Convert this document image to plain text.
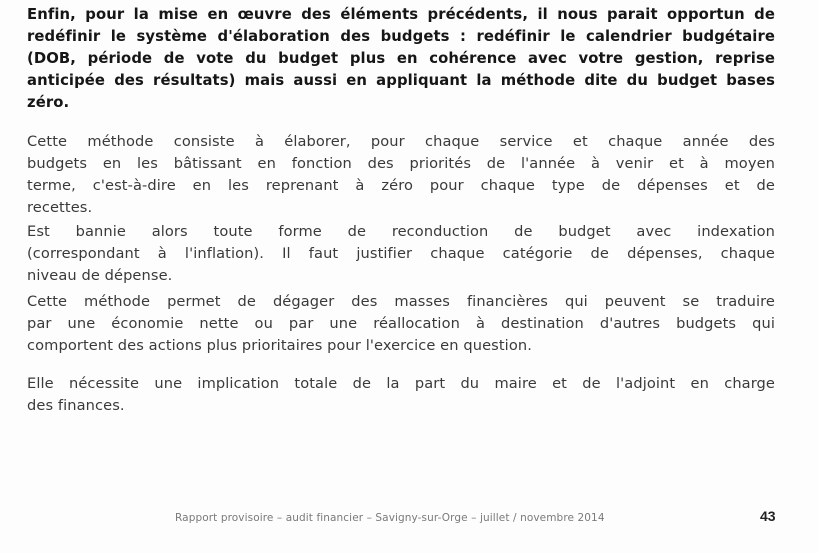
Enfin, pour la mise en œuvre des éléments précédents, il nous parait opportun de
redéfinir le système d'élaboration des budgets : redéfinir le calendrier budgétaire
(DOB, période de vote du budget plus en cohérence avec votre gestion, reprise
anticipée des résultats) mais aussi en appliquant la méthode dite du budget bases
zéro.
Cette méthode consiste à élaborer, pour chaque service et chaque année des
budgets en les bâtissant en fonction des priorités de l'année à venir et à moyen
terme, c'est-à-dire en les reprenant à zéro pour chaque type de dépenses et de
recettes.
Est bannie alors toute forme de reconduction de budget avec indexation
(correspondant à l'inflation). Il faut justifier chaque catégorie de dépenses, chaque
niveau de dépense.
Cette méthode permet de dégager des masses financières qui peuvent se traduire
par une économie nette ou par une réallocation à destination d'autres budgets qui
comportent des actions plus prioritaires pour l'exercice en question.
Elle nécessite une implication totale de la part du maire et de l'adjoint en charge
des finances.
Rapport provisoire – audit financier – Savigny-sur-Orge – juillet / novembre 2014	43
